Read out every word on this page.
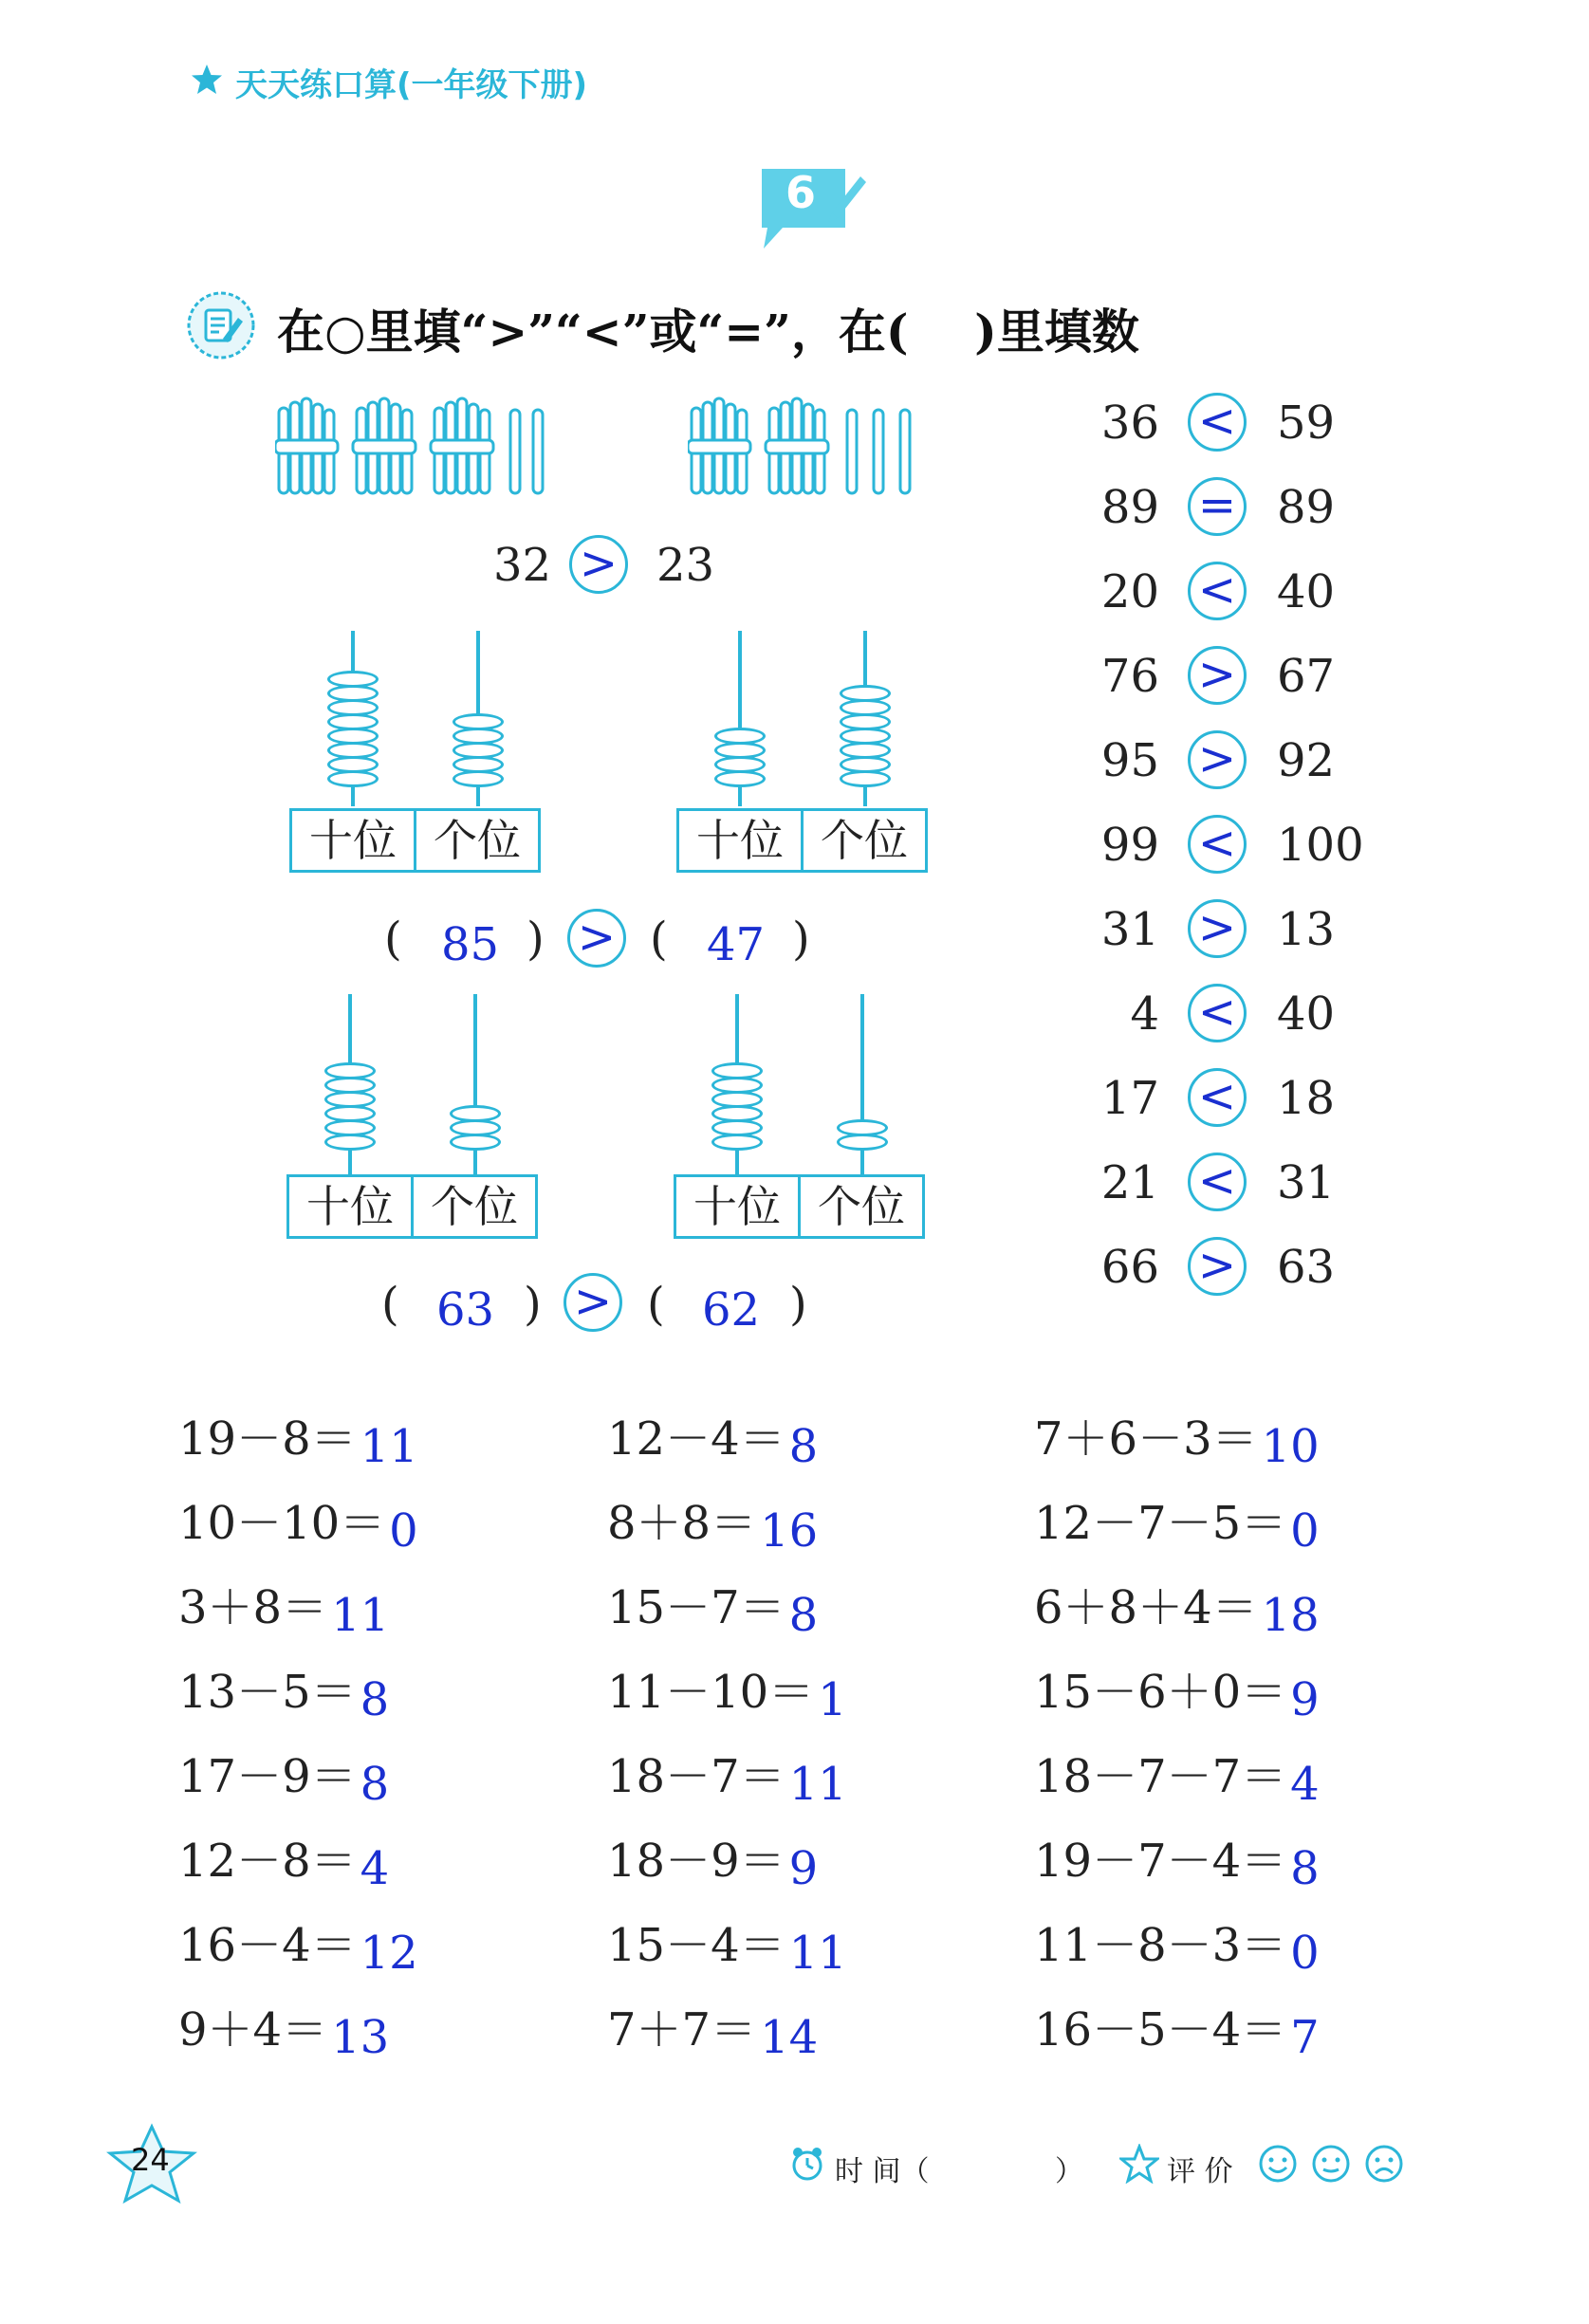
天天练口算(一年级下册)
6
在○里填“>”“<”或“=”，在(    )里填数
32 > 23
十位 个位	十位 个位
( 85 ) > ( 47 )
十位 个位	十位 个位
( 63 ) > ( 62 )
36 < 59
89 = 89
20 < 40
76 > 67
95 > 92
99 < 100
31 > 13
4 < 40
17 < 18
21 < 31
66 > 63
19－8＝11
10－10＝0
3＋8＝11
13－5＝8
17－9＝8
12－8＝4
16－4＝12
9＋4＝13
12－4＝8
8＋8＝16
15－7＝8
11－10＝1
18－7＝11
18－9＝9
15－4＝11
7＋7＝14
7＋6－3＝10
12－7－5＝0
6＋8＋4＝18
15－6＋0＝9
18－7－7＝4
19－7－4＝8
11－8－3＝0
16－5－4＝7
24	时 间（	）	评 价
